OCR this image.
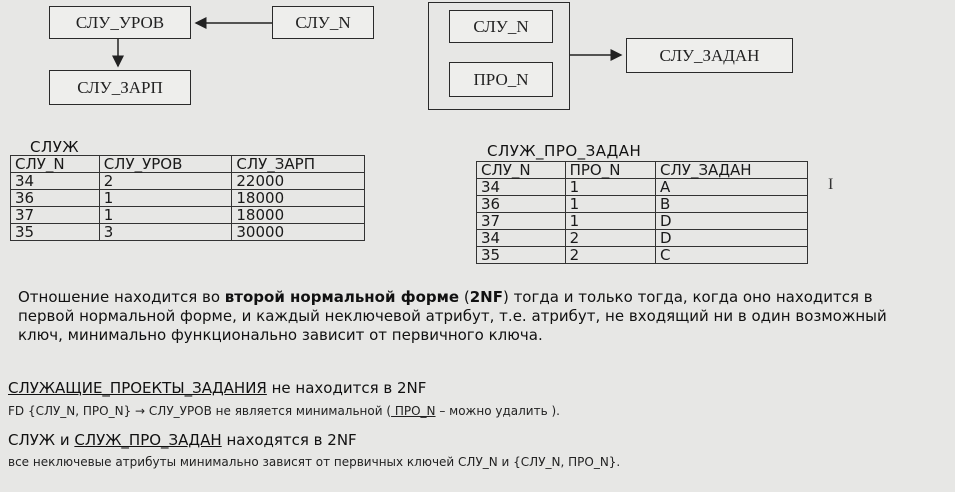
СЛУ_УРОВ	СЛУ_N
СЛУ_ЗАРП
СЛУ_N
ПРО_N
СЛУ_ЗАДАН
СЛУЖ
СЛУ_N	СЛУ_УРОВ	СЛУ_ЗАРП
34	2	22000
36	1	18000
37	1	18000
35	3	30000
СЛУЖ_ПРО_ЗАДАН
СЛУ_N	ПРО_N	СЛУ_ЗАДАН
34	1	A
36	1	B
37	1	D
34	2	D
35	2	C
I
Отношение находится во второй нормальной форме (2NF) тогда и только тогда, когда оно находится в первой нормальной форме, и каждый неключевой атрибут, т.е. атрибут, не входящий ни в один возможный ключ, минимально функционально зависит от первичного ключа.
СЛУЖАЩИЕ_ПРОЕКТЫ_ЗАДАНИЯ не находится в 2NF
FD {СЛУ_N, ПРО_N} → СЛУ_УРОВ не является минимальной ( ПРО_N – можно удалить ).
СЛУЖ и СЛУЖ_ПРО_ЗАДАН находятся в 2NF
все неключевые атрибуты минимально зависят от первичных ключей СЛУ_N и {СЛУ_N, ПРО_N}.
